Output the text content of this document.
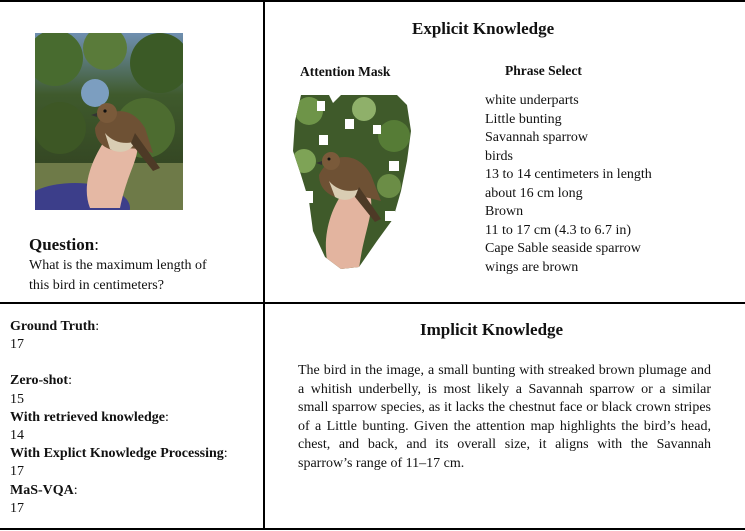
Question:
What is the maximum length of
this bird in centimeters?
Explicit Knowledge
Attention Mask	Phrase Select
white underparts
Little bunting
Savannah sparrow
birds
13 to 14 centimeters in length
about 16 cm long
Brown
11 to 17 cm (4.3 to 6.7 in)
Cape Sable seaside sparrow
wings are brown
Ground Truth:
17
Zero-shot:
15
With retrieved knowledge:
14
With Explict Knowledge Processing:
17
MaS-VQA:
17
Implicit Knowledge
The bird in the image, a small bunting with streaked brown plumage and a whitish underbelly, is most likely a Savannah sparrow or a similar small sparrow species, as it lacks the chestnut face or black crown stripes of a Little bunting. Given the attention map highlights the bird’s head, chest, and back, and its overall size, it aligns with the Savannah sparrow’s range of 11–17 cm.
